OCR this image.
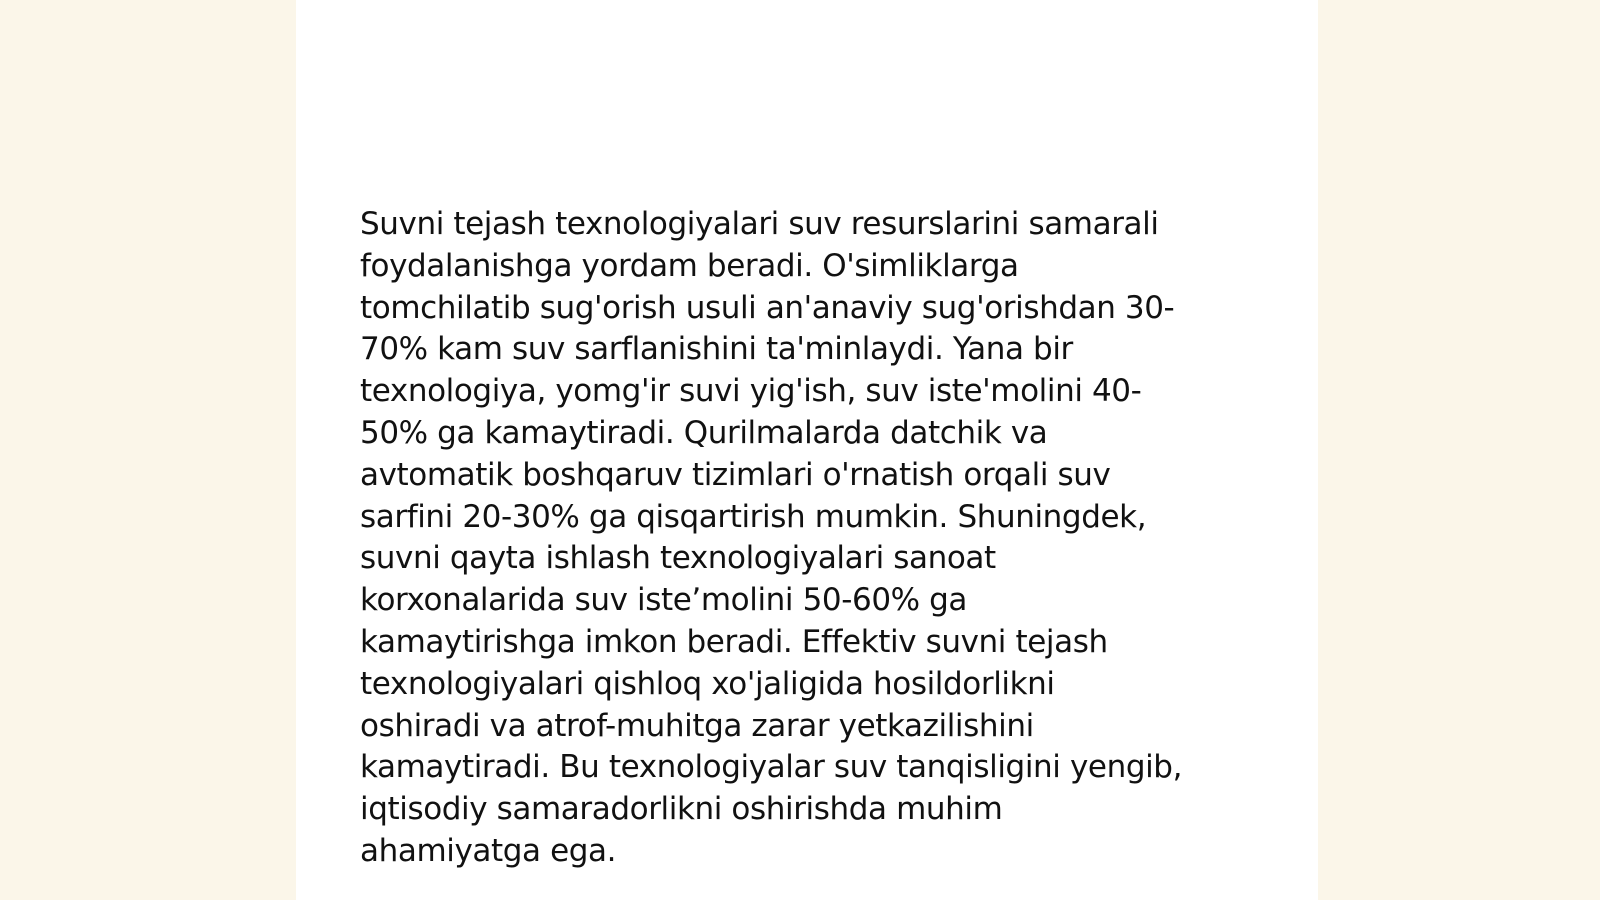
Suvni tejash texnologiyalari suv resurslarini samarali
foydalanishga yordam beradi. O'simliklarga
tomchilatib sug'orish usuli an'anaviy sug'orishdan 30-
70% kam suv sarflanishini ta'minlaydi. Yana bir
texnologiya, yomg'ir suvi yig'ish, suv iste'molini 40-
50% ga kamaytiradi. Qurilmalarda datchik va
avtomatik boshqaruv tizimlari o'rnatish orqali suv
sarfini 20-30% ga qisqartirish mumkin. Shuningdek,
suvni qayta ishlash texnologiyalari sanoat
korxonalarida suv iste’molini 50-60% ga
kamaytirishga imkon beradi. Effektiv suvni tejash
texnologiyalari qishloq xo'jaligida hosildorlikni
oshiradi va atrof-muhitga zarar yetkazilishini
kamaytiradi. Bu texnologiyalar suv tanqisligini yengib,
iqtisodiy samaradorlikni oshirishda muhim
ahamiyatga ega.
